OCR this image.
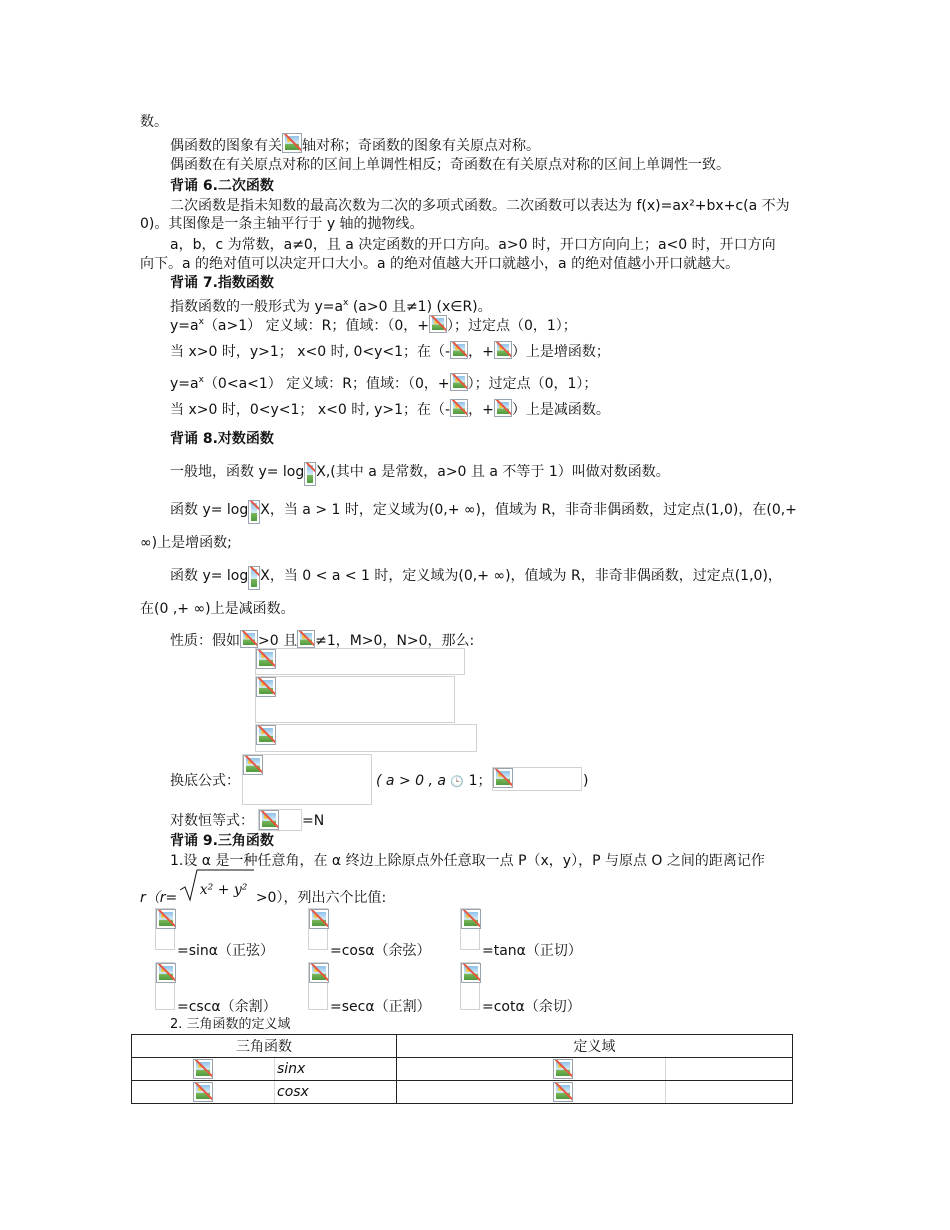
数。
偶函数的图象有关 轴对称；奇函数的图象有关原点对称。
偶函数在有关原点对称的区间上单调性相反；奇函数在有关原点对称的区间上单调性一致。
背诵 6.二次函数
二次函数是指未知数的最高次数为二次的多项式函数。二次函数可以表达为 f(x)=ax²+bx+c(a 不为
0)。其图像是一条主轴平行于 y 轴的抛物线。
a，b，c 为常数，a≠0，且 a 决定函数的开口方向。a>0 时，开口方向向上；a<0 时，开口方向
向下。a 的绝对值可以决定开口大小。a 的绝对值越大开口就越小，a 的绝对值越小开口就越大。
背诵 7.指数函数
指数函数的一般形式为 $y=a^x$ (a>0 且≠1) (x∈R)。
$y=a^x(a>1)$ 定义域：R；值域：（0，+ ）；过定点（0，1）；
当 x>0 时，y>1； x<0 时, 0<y<1；在（- ，+ ）上是增函数；
$y=a^x(0<a<1)$ 定义域：R；值域：（0，+ ）；过定点（0，1）；
当 x>0 时，0<y<1； x<0 时, y>1；在（- ，+ ）上是减函数。
背诵 8.对数函数
一般地，函数 y= log X,(其中 a 是常数，a>0 且 a 不等于 1）叫做对数函数。
函数 y= log X，当 a > 1 时，定义域为(0,+ ∞)，值域为 R，非奇非偶函数，过定点(1,0)，在(0,+
∞)上是增函数;
函数 y= log X，当 0 < a < 1 时，定义域为(0,+ ∞)，值域为 R，非奇非偶函数，过定点(1,0)，
在(0 ,+ ∞)上是减函数。
性质：假如 >0 且 ≠1，M>0，N>0，那么:
换底公式：	( a > 0 , a 🕒 1；	)
对数恒等式：	=N
背诵 9.三角函数
1.设 α 是一种任意角，在 α 终边上除原点外任意取一点 P（x，y），P 与原点 O 之间的距离记作
r（r= x² + y² >0），列出六个比值:
=sinα（正弦）	=cosα（余弦）	=tanα（正切）
=cscα（余割）	=secα（正割）	=cotα（余切）
2. 三角函数的定义域
三角函数		定义域	

	sinx	

	cosx	
